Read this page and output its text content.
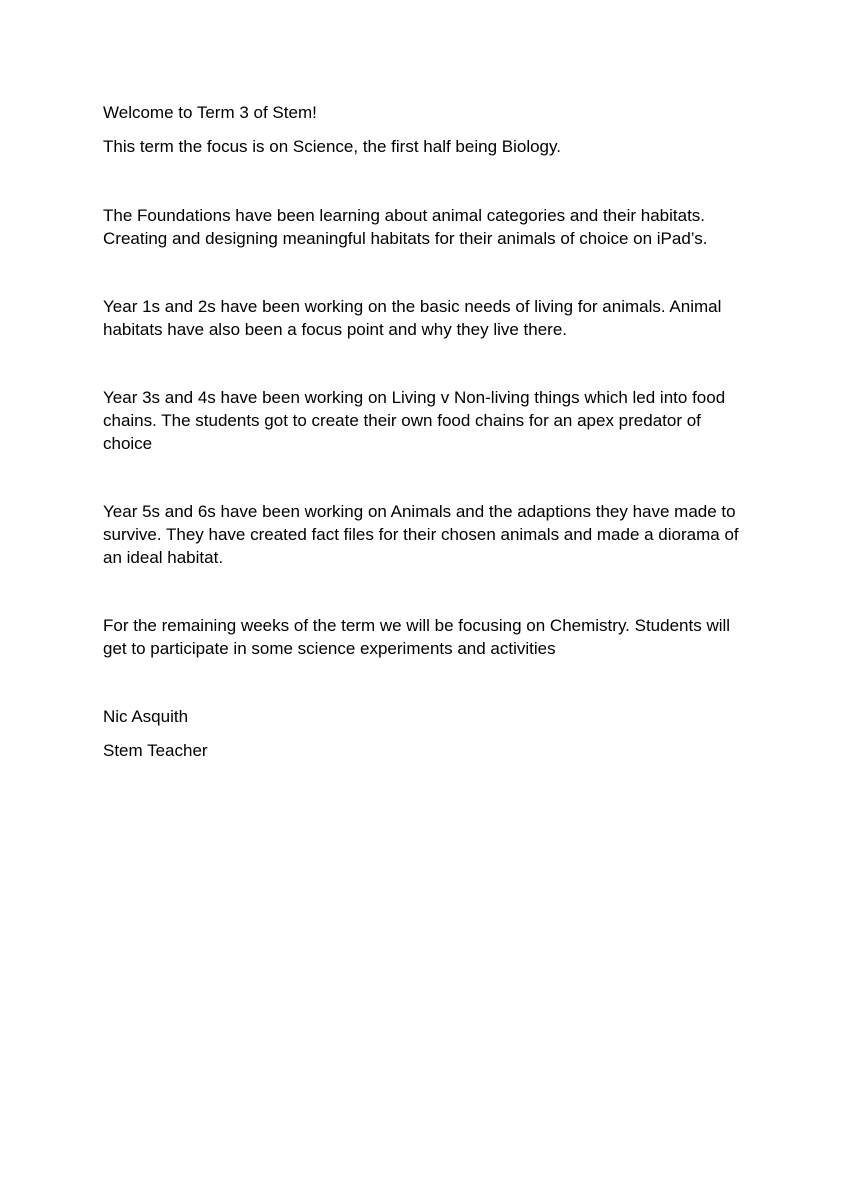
Welcome to Term 3 of Stem!

This term the focus is on Science, the first half being Biology.

The Foundations have been learning about animal categories and their habitats.
Creating and designing meaningful habitats for their animals of choice on iPad’s.

Year 1s and 2s have been working on the basic needs of living for animals. Animal
habitats have also been a focus point and why they live there.

Year 3s and 4s have been working on Living v Non-living things which led into food
chains. The students got to create their own food chains for an apex predator of
choice

Year 5s and 6s have been working on Animals and the adaptions they have made to
survive. They have created fact files for their chosen animals and made a diorama of
an ideal habitat.

For the remaining weeks of the term we will be focusing on Chemistry. Students will
get to participate in some science experiments and activities

Nic Asquith

Stem Teacher
